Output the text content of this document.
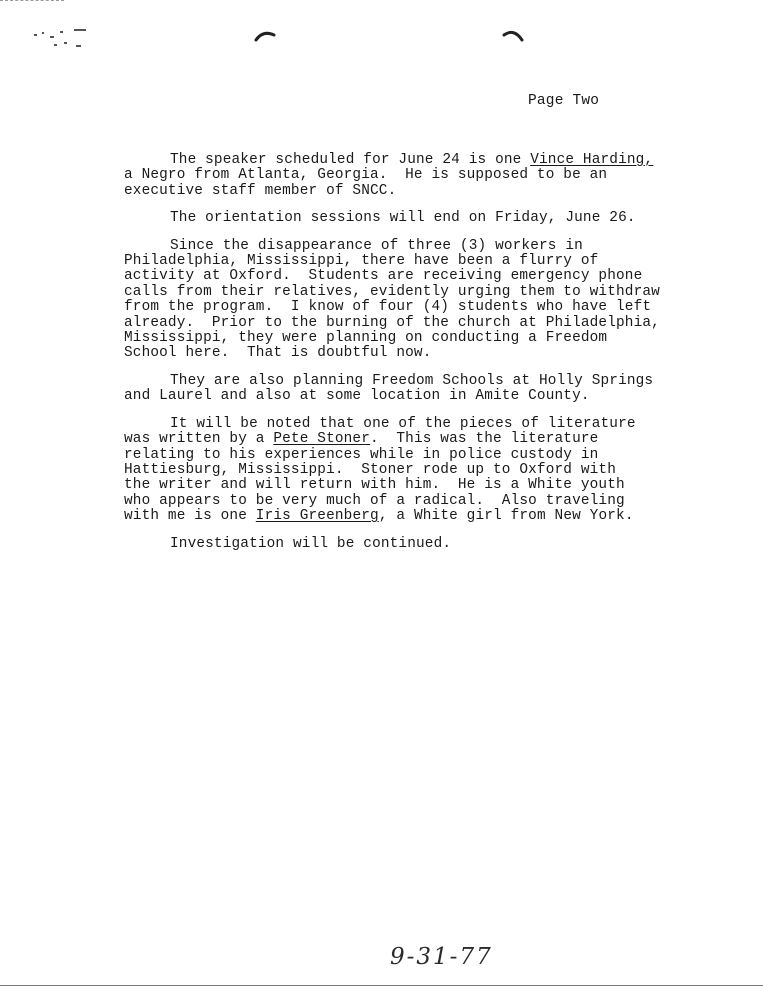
Page Two
The speaker scheduled for June 24 is one Vince Harding,
a Negro from Atlanta, Georgia.  He is supposed to be an
executive staff member of SNCC.
The orientation sessions will end on Friday, June 26.
Since the disappearance of three (3) workers in
Philadelphia, Mississippi, there have been a flurry of
activity at Oxford.  Students are receiving emergency phone
calls from their relatives, evidently urging them to withdraw
from the program.  I know of four (4) students who have left
already.  Prior to the burning of the church at Philadelphia,
Mississippi, they were planning on conducting a Freedom
School here.  That is doubtful now.
They are also planning Freedom Schools at Holly Springs
and Laurel and also at some location in Amite County.
It will be noted that one of the pieces of literature
was written by a Pete Stoner.  This was the literature
relating to his experiences while in police custody in
Hattiesburg, Mississippi.  Stoner rode up to Oxford with
the writer and will return with him.  He is a White youth
who appears to be very much of a radical.  Also traveling
with me is one Iris Greenberg, a White girl from New York.
Investigation will be continued.
9-31-77
